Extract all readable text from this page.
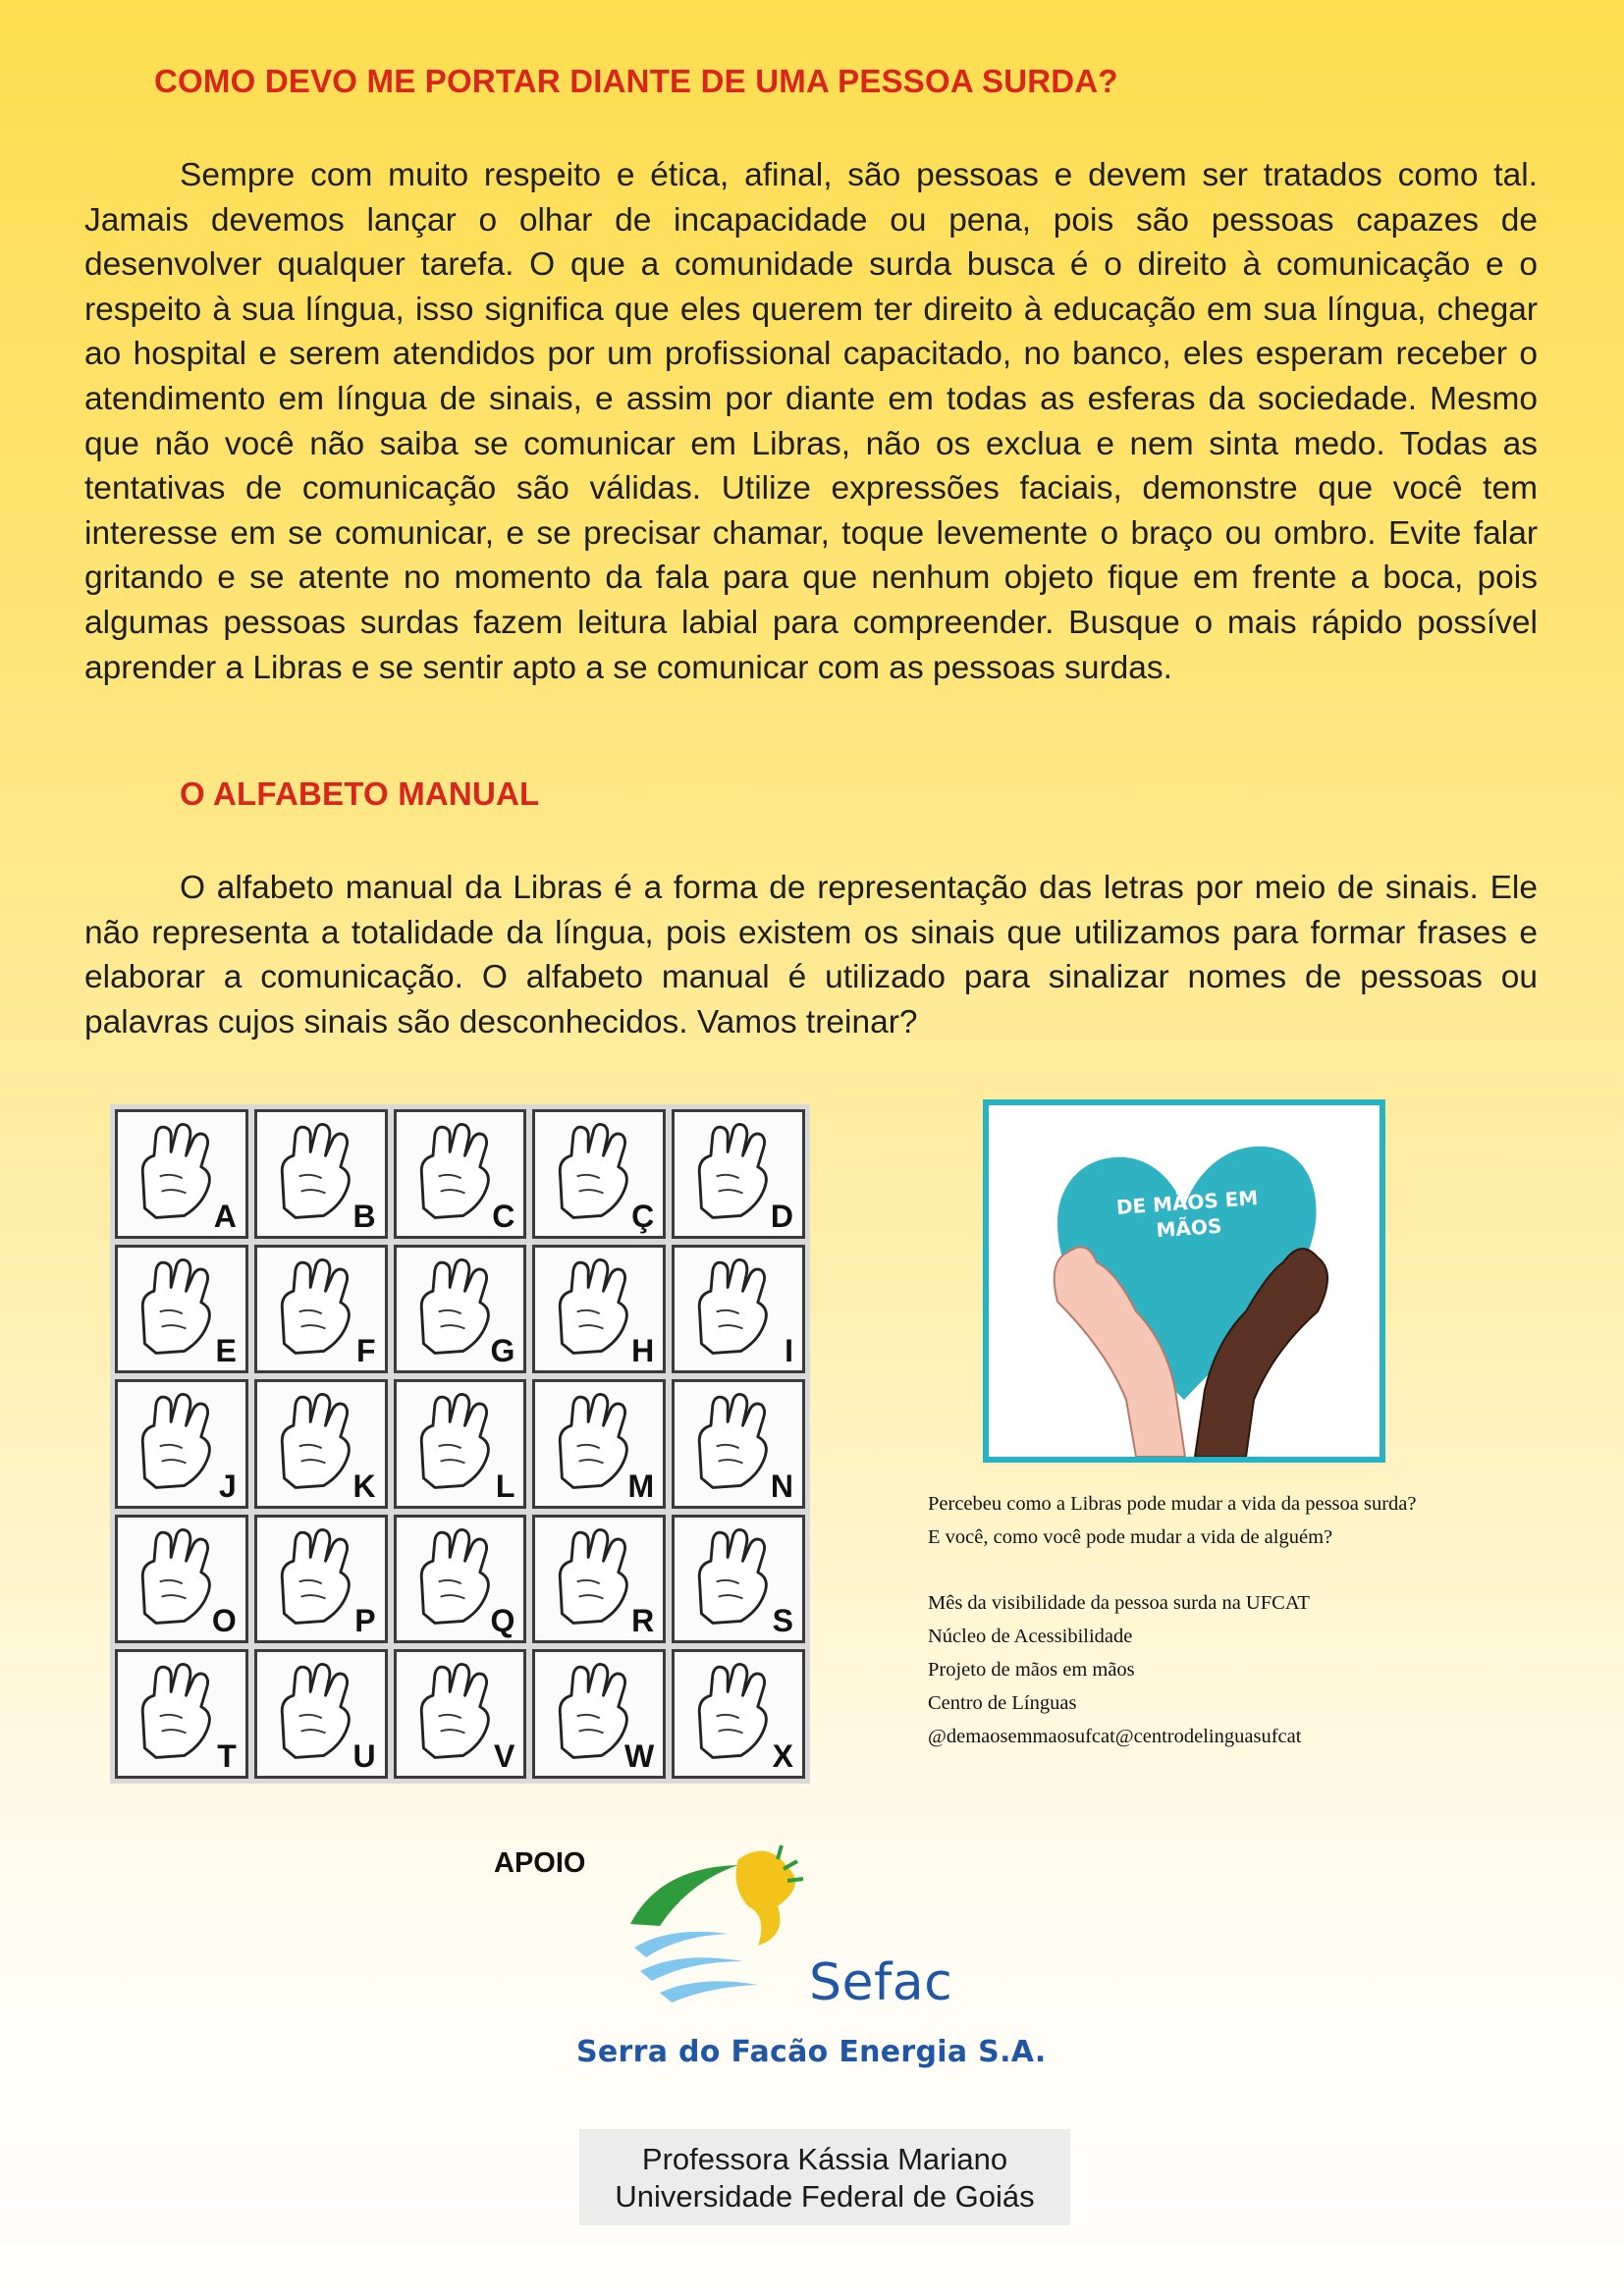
COMO DEVO ME PORTAR DIANTE DE UMA PESSOA SURDA?

Sempre com muito respeito e ética, afinal, são pessoas e devem ser tratados como tal. Jamais devemos lançar o olhar de incapacidade ou pena, pois são pessoas capazes de desenvolver qualquer tarefa. O que a comunidade surda busca é o direito à comunicação e o respeito à sua língua, isso significa que eles querem ter direito à educação em sua língua, chegar ao hospital e serem atendidos por um profissional capacitado, no banco, eles esperam receber o atendimento em língua de sinais, e assim por diante em todas as esferas da sociedade. Mesmo que não você não saiba se comunicar em Libras, não os exclua e nem sinta medo. Todas as tentativas de comunicação são válidas. Utilize expressões faciais, demonstre que você tem interesse em se comunicar, e se precisar chamar, toque levemente o braço ou ombro. Evite falar gritando e se atente no momento da fala para que nenhum objeto fique em frente a boca, pois algumas pessoas surdas fazem leitura labial para compreender. Busque o mais rápido possível aprender a Libras e se sentir apto a se comunicar com as pessoas surdas.

O ALFABETO MANUAL

O alfabeto manual da Libras é a forma de representação das letras por meio de sinais. Ele não representa a totalidade da língua, pois existem os sinais que utilizamos para formar frases e elaborar a comunicação. O alfabeto manual é utilizado para sinalizar nomes de pessoas ou palavras cujos sinais são desconhecidos. Vamos treinar?

A	B	C	Ç	D
E	F	G	H	I
J	K	L	M	N
O	P	Q	R	S
T	U	V	W	X
DE MÃOS EM
MÃOS

Percebeu como a Libras pode mudar a vida da pessoa surda?
E você, como você pode mudar a vida de alguém?

Mês da visibilidade da pessoa surda na UFCAT
Núcleo de Acessibilidade
Projeto de mãos em mãos
Centro de Línguas
@demaosemmaosufcat@centrodelinguasufcat

APOIO

Sefac

Serra do Facão Energia S.A.

Professora Kássia Mariano
Universidade Federal de Goiás
